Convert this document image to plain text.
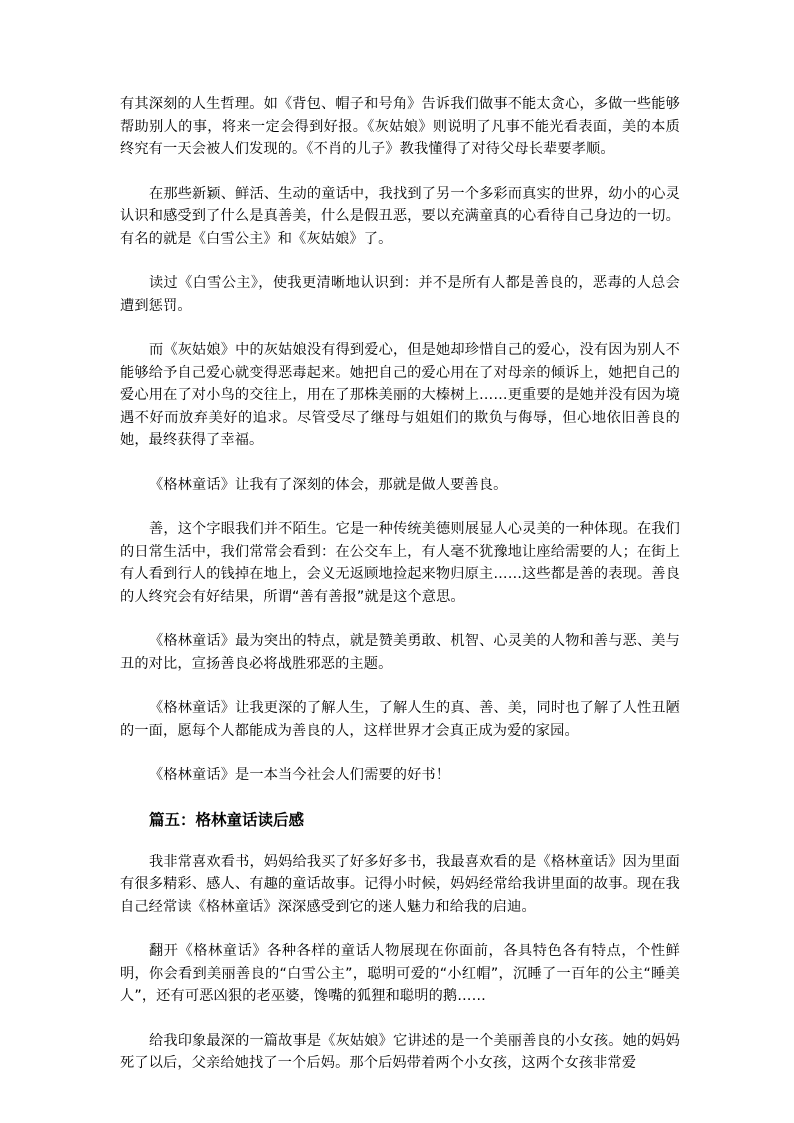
有其深刻的人生哲理。如《背包、帽子和号角》告诉我们做事不能太贪心，多做一些能够帮助别人的事，将来一定会得到好报。《灰姑娘》则说明了凡事不能光看表面，美的本质终究有一天会被人们发现的。《不肖的儿子》教我懂得了对待父母长辈要孝顺。

在那些新颖、鲜活、生动的童话中，我找到了另一个多彩而真实的世界，幼小的心灵认识和感受到了什么是真善美，什么是假丑恶，要以充满童真的心看待自己身边的一切。有名的就是《白雪公主》和《灰姑娘》了。

读过《白雪公主》，使我更清晰地认识到：并不是所有人都是善良的，恶毒的人总会遭到惩罚。

而《灰姑娘》中的灰姑娘没有得到爱心，但是她却珍惜自己的爱心，没有因为别人不能够给予自己爱心就变得恶毒起来。她把自己的爱心用在了对母亲的倾诉上，她把自己的爱心用在了对小鸟的交往上，用在了那株美丽的大榛树上……更重要的是她并没有因为境遇不好而放弃美好的追求。尽管受尽了继母与姐姐们的欺负与侮辱，但心地依旧善良的她，最终获得了幸福。

《格林童话》让我有了深刻的体会，那就是做人要善良。

善，这个字眼我们并不陌生。它是一种传统美德则展显人心灵美的一种体现。在我们的日常生活中，我们常常会看到：在公交车上，有人毫不犹豫地让座给需要的人；在街上有人看到行人的钱掉在地上，会义无返顾地捡起来物归原主……这些都是善的表现。善良的人终究会有好结果，所谓“善有善报”就是这个意思。

《格林童话》最为突出的特点，就是赞美勇敢、机智、心灵美的人物和善与恶、美与丑的对比，宣扬善良必将战胜邪恶的主题。

《格林童话》让我更深的了解人生，了解人生的真、善、美，同时也了解了人性丑陋的一面，愿每个人都能成为善良的人，这样世界才会真正成为爱的家园。

《格林童话》是一本当今社会人们需要的好书！

篇五：格林童话读后感

我非常喜欢看书，妈妈给我买了好多好多书，我最喜欢看的是《格林童话》因为里面有很多精彩、感人、有趣的童话故事。记得小时候，妈妈经常给我讲里面的故事。现在我自己经常读《格林童话》深深感受到它的迷人魅力和给我的启迪。

翻开《格林童话》各种各样的童话人物展现在你面前，各具特色各有特点，个性鲜明，你会看到美丽善良的“白雪公主”，聪明可爱的“小红帽”，沉睡了一百年的公主“睡美人”，还有可恶凶狠的老巫婆，馋嘴的狐狸和聪明的鹅……

给我印象最深的一篇故事是《灰姑娘》它讲述的是一个美丽善良的小女孩。她的妈妈死了以后，父亲给她找了一个后妈。那个后妈带着两个小女孩，这两个女孩非常爱
